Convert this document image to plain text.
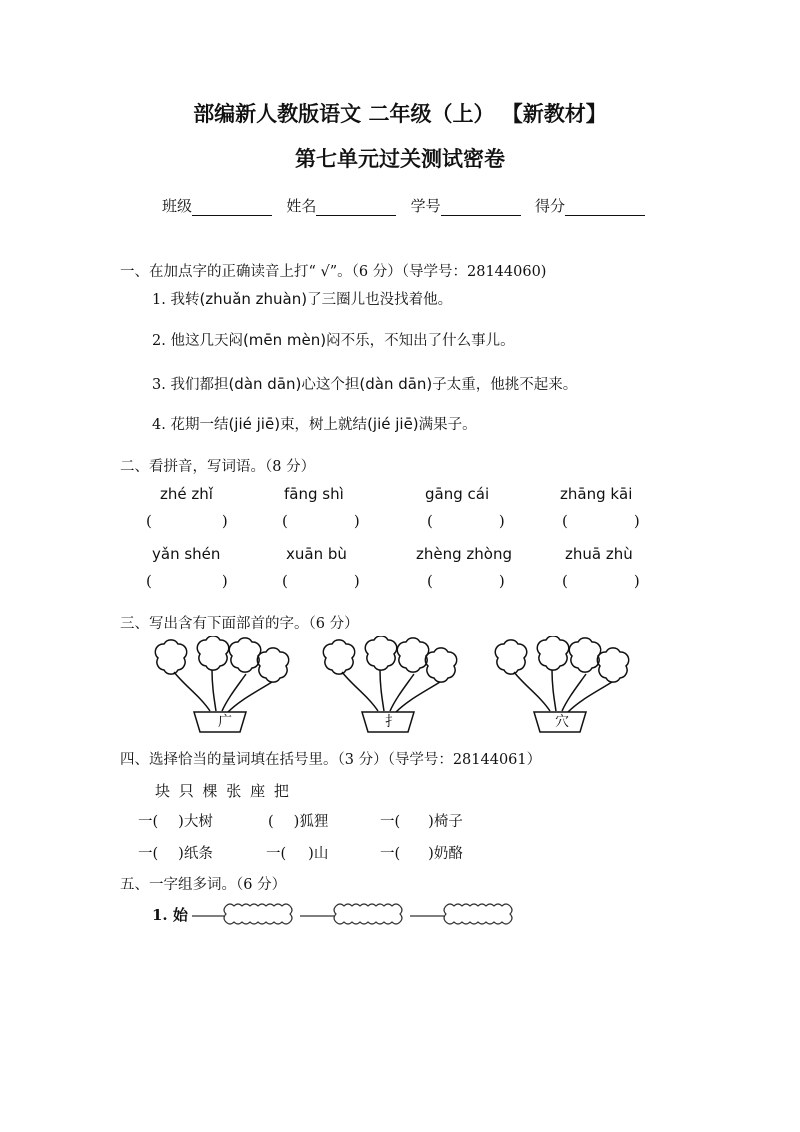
部编新人教版语文 二年级（上） 【新教材】
第七单元过关测试密卷
班级	姓名	学号	得分
一、在加点字的正确读音上打“ √”。（6 分）（导学号：28144060)
1. 我转(zhuǎn zhuàn)了三圈儿也没找着他。
2. 他这几天闷(mēn mèn)闷不乐，不知出了什么事儿。
3. 我们都担(dàn dān)心这个担(dàn dān)子太重，他挑不起来。
4. 花期一结(jié jiē)束，树上就结(jié jiē)满果子。
二、看拼音，写词语。（8 分）
zhé zhǐ	fāng shì	gāng cái	zhāng kāi
(	)	(	)	(	)	(	)
yǎn shén	xuān bù	zhèng zhòng	zhuā zhù
(	)	(	)	(	)	(	)
三、写出含有下面部首的字。（6 分）
广	扌	穴
四、选择恰当的量词填在括号里。（3 分）（导学号：28144061）
块 只 棵 张 座 把
一( )大树	( )狐狸	一( )椅子
一( )纸条	一( )山	一( )奶酪
五、一字组多词。（6 分）
1. 始
